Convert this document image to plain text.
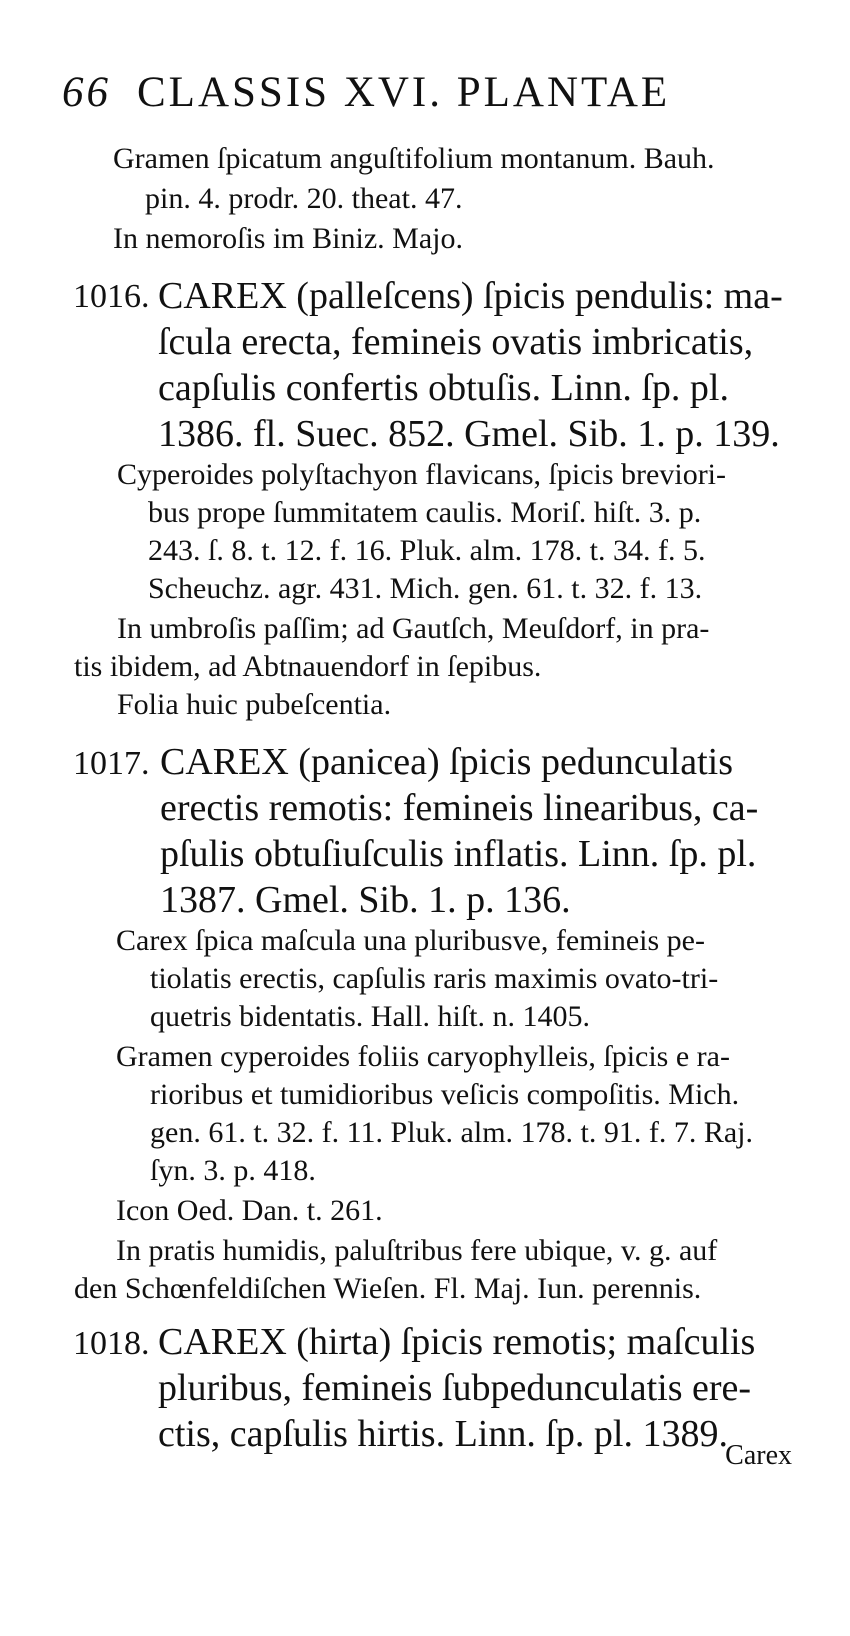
66 CLASSIS XVI. PLANTAE
Gramen ſpicatum anguſtifolium montanum. Bauh.
pin. 4. prodr. 20. theat. 47.
In nemoroſis im Biniz. Majo.
1016. CAREX (palleſcens) ſpicis pendulis: ma-
ſcula erecta, femineis ovatis imbricatis,
capſulis confertis obtuſis. Linn. ſp. pl.
1386. fl. Suec. 852. Gmel. Sib. 1. p. 139.
Cyperoides polyſtachyon flavicans, ſpicis breviori-
bus prope ſummitatem caulis. Moriſ. hiſt. 3. p.
243. ſ. 8. t. 12. f. 16. Pluk. alm. 178. t. 34. f. 5.
Scheuchz. agr. 431. Mich. gen. 61. t. 32. f. 13.
In umbroſis paſſim; ad Gautſch, Meuſdorf, in pra-
tis ibidem, ad Abtnauendorf in ſepibus.
Folia huic pubeſcentia.
1017. CAREX (panicea) ſpicis pedunculatis
erectis remotis: femineis linearibus, ca-
pſulis obtuſiuſculis inflatis. Linn. ſp. pl.
1387. Gmel. Sib. 1. p. 136.
Carex ſpica maſcula una pluribusve, femineis pe-
tiolatis erectis, capſulis raris maximis ovato-tri-
quetris bidentatis. Hall. hiſt. n. 1405.
Gramen cyperoides foliis caryophylleis, ſpicis e ra-
rioribus et tumidioribus veſicis compoſitis. Mich.
gen. 61. t. 32. f. 11. Pluk. alm. 178. t. 91. f. 7. Raj.
ſyn. 3. p. 418.
Icon Oed. Dan. t. 261.
In pratis humidis, paluſtribus fere ubique, v. g. auf
den Schœnfeldiſchen Wieſen. Fl. Maj. Iun. perennis.
1018. CAREX (hirta) ſpicis remotis; maſculis
pluribus, femineis ſubpedunculatis ere-
ctis, capſulis hirtis. Linn. ſp. pl. 1389.
Carex
